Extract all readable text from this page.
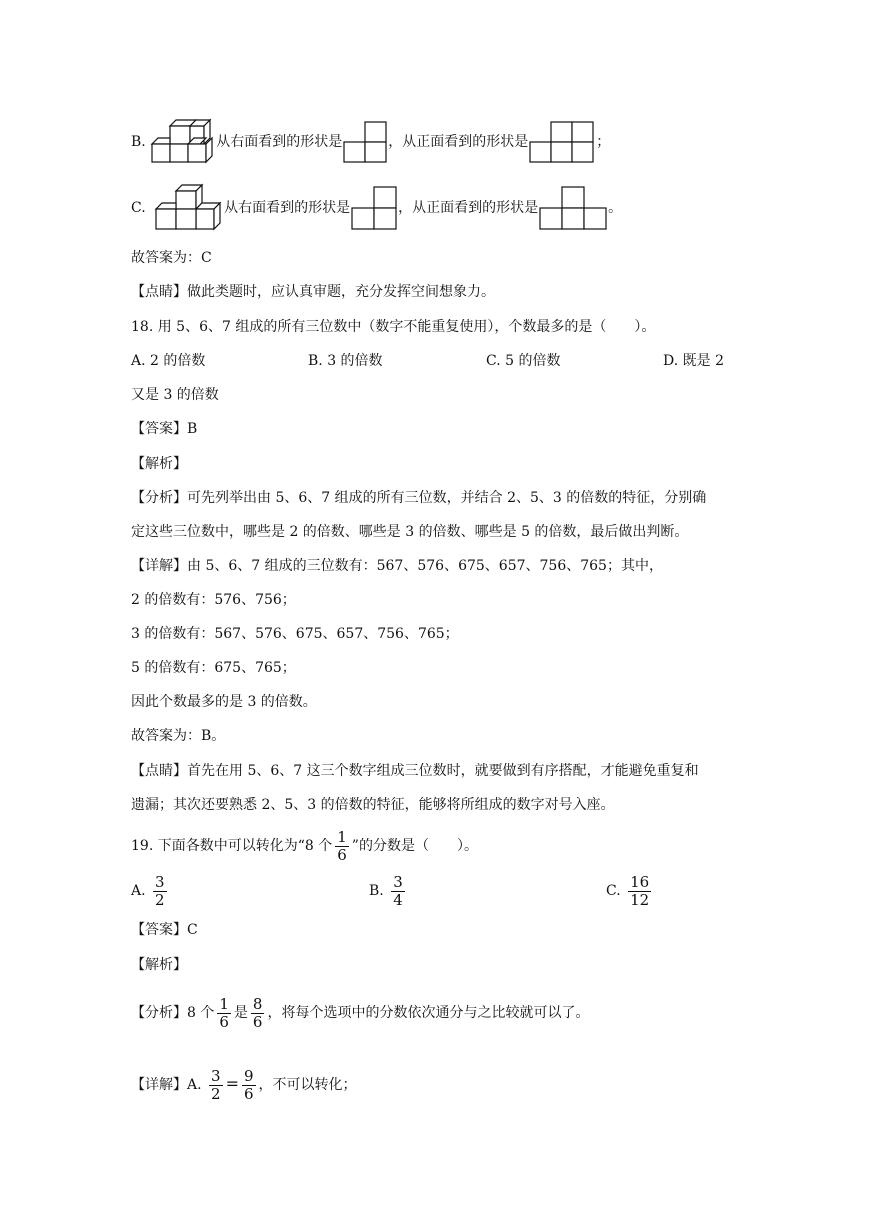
B.	从右面看到的形状是	，从正面看到的形状是	；
C.	从右面看到的形状是	，从正面看到的形状是	。
故答案为：C
【点睛】做此类题时，应认真审题，充分发挥空间想象力。
18. 用 5、6、7 组成的所有三位数中（数字不能重复使用），个数最多的是（　　）。
A. 2 的倍数	B. 3 的倍数	C. 5 的倍数	D. 既是 2
又是 3 的倍数
【答案】B
【解析】
【分析】可先列举出由 5、6、7 组成的所有三位数，并结合 2、5、3 的倍数的特征，分别确
定这些三位数中，哪些是 2 的倍数、哪些是 3 的倍数、哪些是 5 的倍数，最后做出判断。
【详解】由 5、6、7 组成的三位数有：567、576、675、657、756、765；其中，
2 的倍数有：576、756；
3 的倍数有：567、576、675、657、756、765；
5 的倍数有：675、765；
因此个数最多的是 3 的倍数。
故答案为：B。
【点睛】首先在用 5、6、7 这三个数字组成三位数时，就要做到有序搭配，才能避免重复和
遗漏；其次还要熟悉 2、5、3 的倍数的特征，能够将所组成的数字对号入座。
19. 下面各数中可以转化为“8 个 $\frac{1}{6}$ ”的分数是（　　）。
A. $\frac{3}{2}$	B. $\frac{3}{4}$	C. $\frac{16}{12}$
【答案】C
【解析】
【分析】8 个 $\frac{1}{6}$ 是 $\frac{8}{6}$ ，将每个选项中的分数依次通分与之比较就可以了。
【详解】A. $\frac{3}{2} = \frac{9}{6}$ ，不可以转化；
